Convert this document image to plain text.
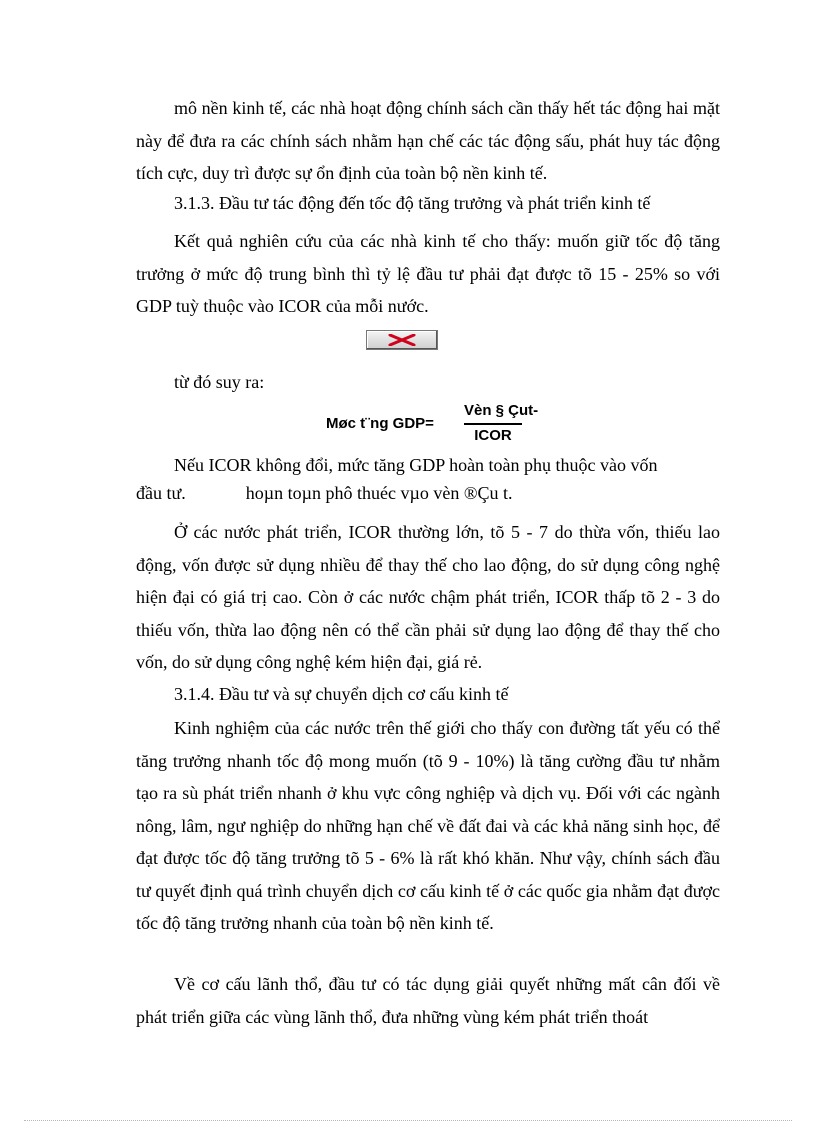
mô nền kinh tế, các nhà hoạt động chính sách cần thấy hết tác động hai mặt này để đưa ra các chính sách nhằm hạn chế các tác động sấu, phát huy tác động tích cực, duy trì được sự ổn định của toàn bộ nền kinh tế.

3.1.3. Đầu tư tác động đến tốc độ tăng trưởng và phát triển kinh tế

Kết quả nghiên cứu của các nhà kinh tế cho thấy: muốn giữ tốc độ tăng trưởng ở mức độ trung bình thì tỷ lệ đầu tư phải đạt được tõ 15 - 25% so với GDP tuỳ thuộc vào ICOR của mỗi nước.

từ đó suy ra:

Møc t¨ng GDP=
Vèn § Çut-
ICOR

Nếu ICOR không đổi, mức tăng GDP hoàn toàn phụ thuộc vào vốn

đầu tư.	hoµn toµn phô thuéc vµo vèn ®Çu t.

Ở các nước phát triển, ICOR thường lớn, tõ 5 - 7 do thừa vốn, thiếu lao động, vốn được sử dụng nhiều để thay thế cho lao động, do sử dụng công nghệ hiện đại có giá trị cao. Còn ở các nước chậm phát triển, ICOR thấp tõ 2 - 3 do thiếu vốn, thừa lao động nên có thể cần phải sử dụng lao động để thay thế cho vốn, do sử dụng công nghệ kém hiện đại, giá rẻ.

3.1.4. Đầu tư và sự chuyển dịch cơ cấu kinh tế

Kinh nghiệm của các nước trên thế giới cho thấy con đường tất yếu có thể tăng trưởng nhanh tốc độ mong muốn (tõ 9 - 10%) là tăng cường đầu tư nhằm tạo ra sù phát triển nhanh ở khu vực công nghiệp và dịch vụ. Đối với các ngành nông, lâm, ngư nghiệp do những hạn chế về đất đai và các khả năng sinh học, để đạt được tốc độ tăng trưởng tõ 5 - 6% là rất khó khăn. Như vậy, chính sách đầu tư quyết định quá trình chuyển dịch cơ cấu kinh tế ở các quốc gia nhằm đạt được tốc độ tăng trưởng nhanh của toàn bộ nền kinh tế.

Về cơ cấu lãnh thổ, đầu tư có tác dụng giải quyết những mất cân đối về phát triển giữa các vùng lãnh thổ, đưa những vùng kém phát triển thoát
